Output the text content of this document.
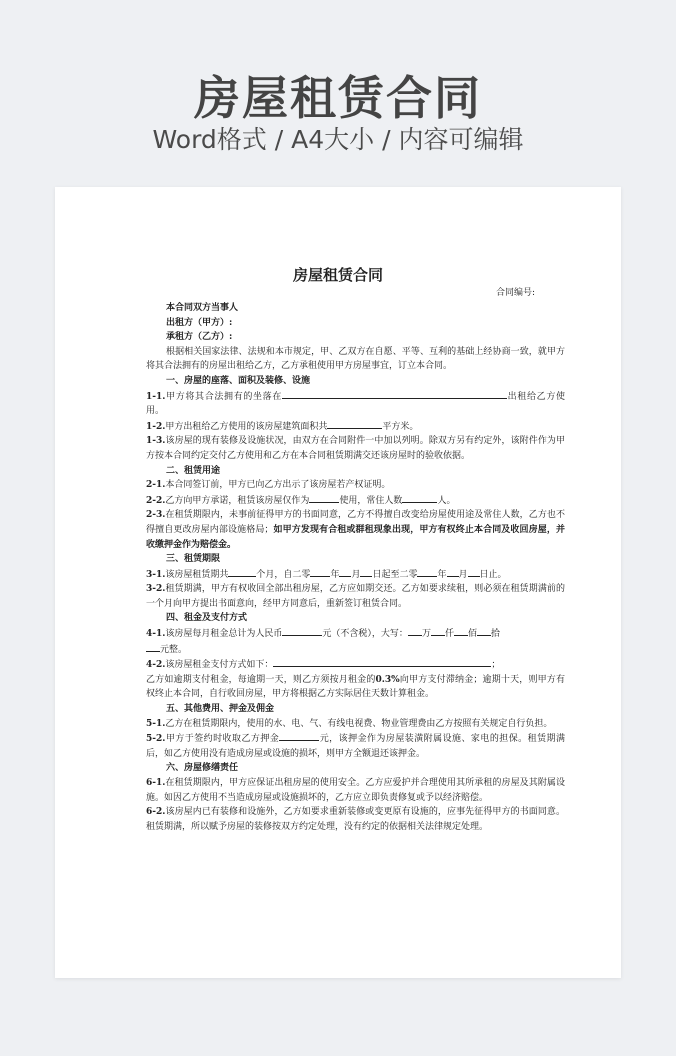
房屋租赁合同
Word格式 / A4大小 / 内容可编辑
房屋租赁合同
合同编号:
本合同双方当事人
出租方（甲方）:
承租方（乙方）:
根据相关国家法律、法规和本市规定，甲、乙双方在自愿、平等、互利的基础上经协商一致，就甲方将其合法拥有的房屋出租给乙方，乙方承租使用甲方房屋事宜，订立本合同。
一、房屋的座落、面积及装修、设施
1-1.甲方将其合法拥有的坐落在	出租给乙方使用。
1-2.甲方出租给乙方使用的该房屋建筑面积共	平方米。
1-3.该房屋的现有装修及设施状况，由双方在合同附件一中加以列明。除双方另有约定外，该附件作为甲方按本合同约定交付乙方使用和乙方在本合同租赁期满交还该房屋时的验收依据。
二、租赁用途
2-1.本合同签订前，甲方已向乙方出示了该房屋若产权证明。
2-2.乙方向甲方承诺，租赁该房屋仅作为	使用，常住人数	人。
2-3.在租赁期限内，未事前征得甲方的书面同意，乙方不得擅自改变给房屋使用途及常住人数，乙方也不得擅自更改房屋内部设施格局；如甲方发现有合租或群租现象出现，甲方有权终止本合同及收回房屋，并收缴押金作为赔偿金。
三、租赁期限
3-1.该房屋租赁期共	个月，自二零 年 月 日起至二零 年 月 日止。
3-2.租赁期满，甲方有权收回全部出租房屋，乙方应如期交还。乙方如要求续租，则必须在租赁期满前的一个月向甲方提出书面意向，经甲方同意后，重新签订租赁合同。
四、租金及支付方式
4-1.该房屋每月租金总计为人民币	元（不含税），大写： 万 仟 佰 拾
元整。
4-2.该房屋租金支付方式如下：	；
乙方如逾期支付租金，每逾期一天，则乙方须按月租金的0.3%向甲方支付滞纳金；逾期十天，则甲方有权终止本合同，自行收回房屋，甲方将根据乙方实际居住天数计算租金。
五、其他费用、押金及佣金
5-1.乙方在租赁期限内，使用的水、电、气、有线电视费、物业管理费由乙方按照有关规定自行负担。
5-2.甲方于签约时收取乙方押金	元，该押金作为房屋装潢附属设施、家电的担保。租赁期满后，如乙方使用没有造成房屋或设施的损坏，则甲方全额退还该押金。
六、房屋修缮责任
6-1.在租赁期限内，甲方应保证出租房屋的使用安全。乙方应爱护并合理使用其所承租的房屋及其附属设施。如因乙方使用不当造成房屋或设施损坏的，乙方应立即负责修复或予以经济赔偿。
6-2.该房屋内已有装修和设施外，乙方如要求重新装修或变更原有设施的，应事先征得甲方的书面同意。租赁期满，所以赋予房屋的装修按双方约定处理，没有约定的依据相关法律规定处理。
